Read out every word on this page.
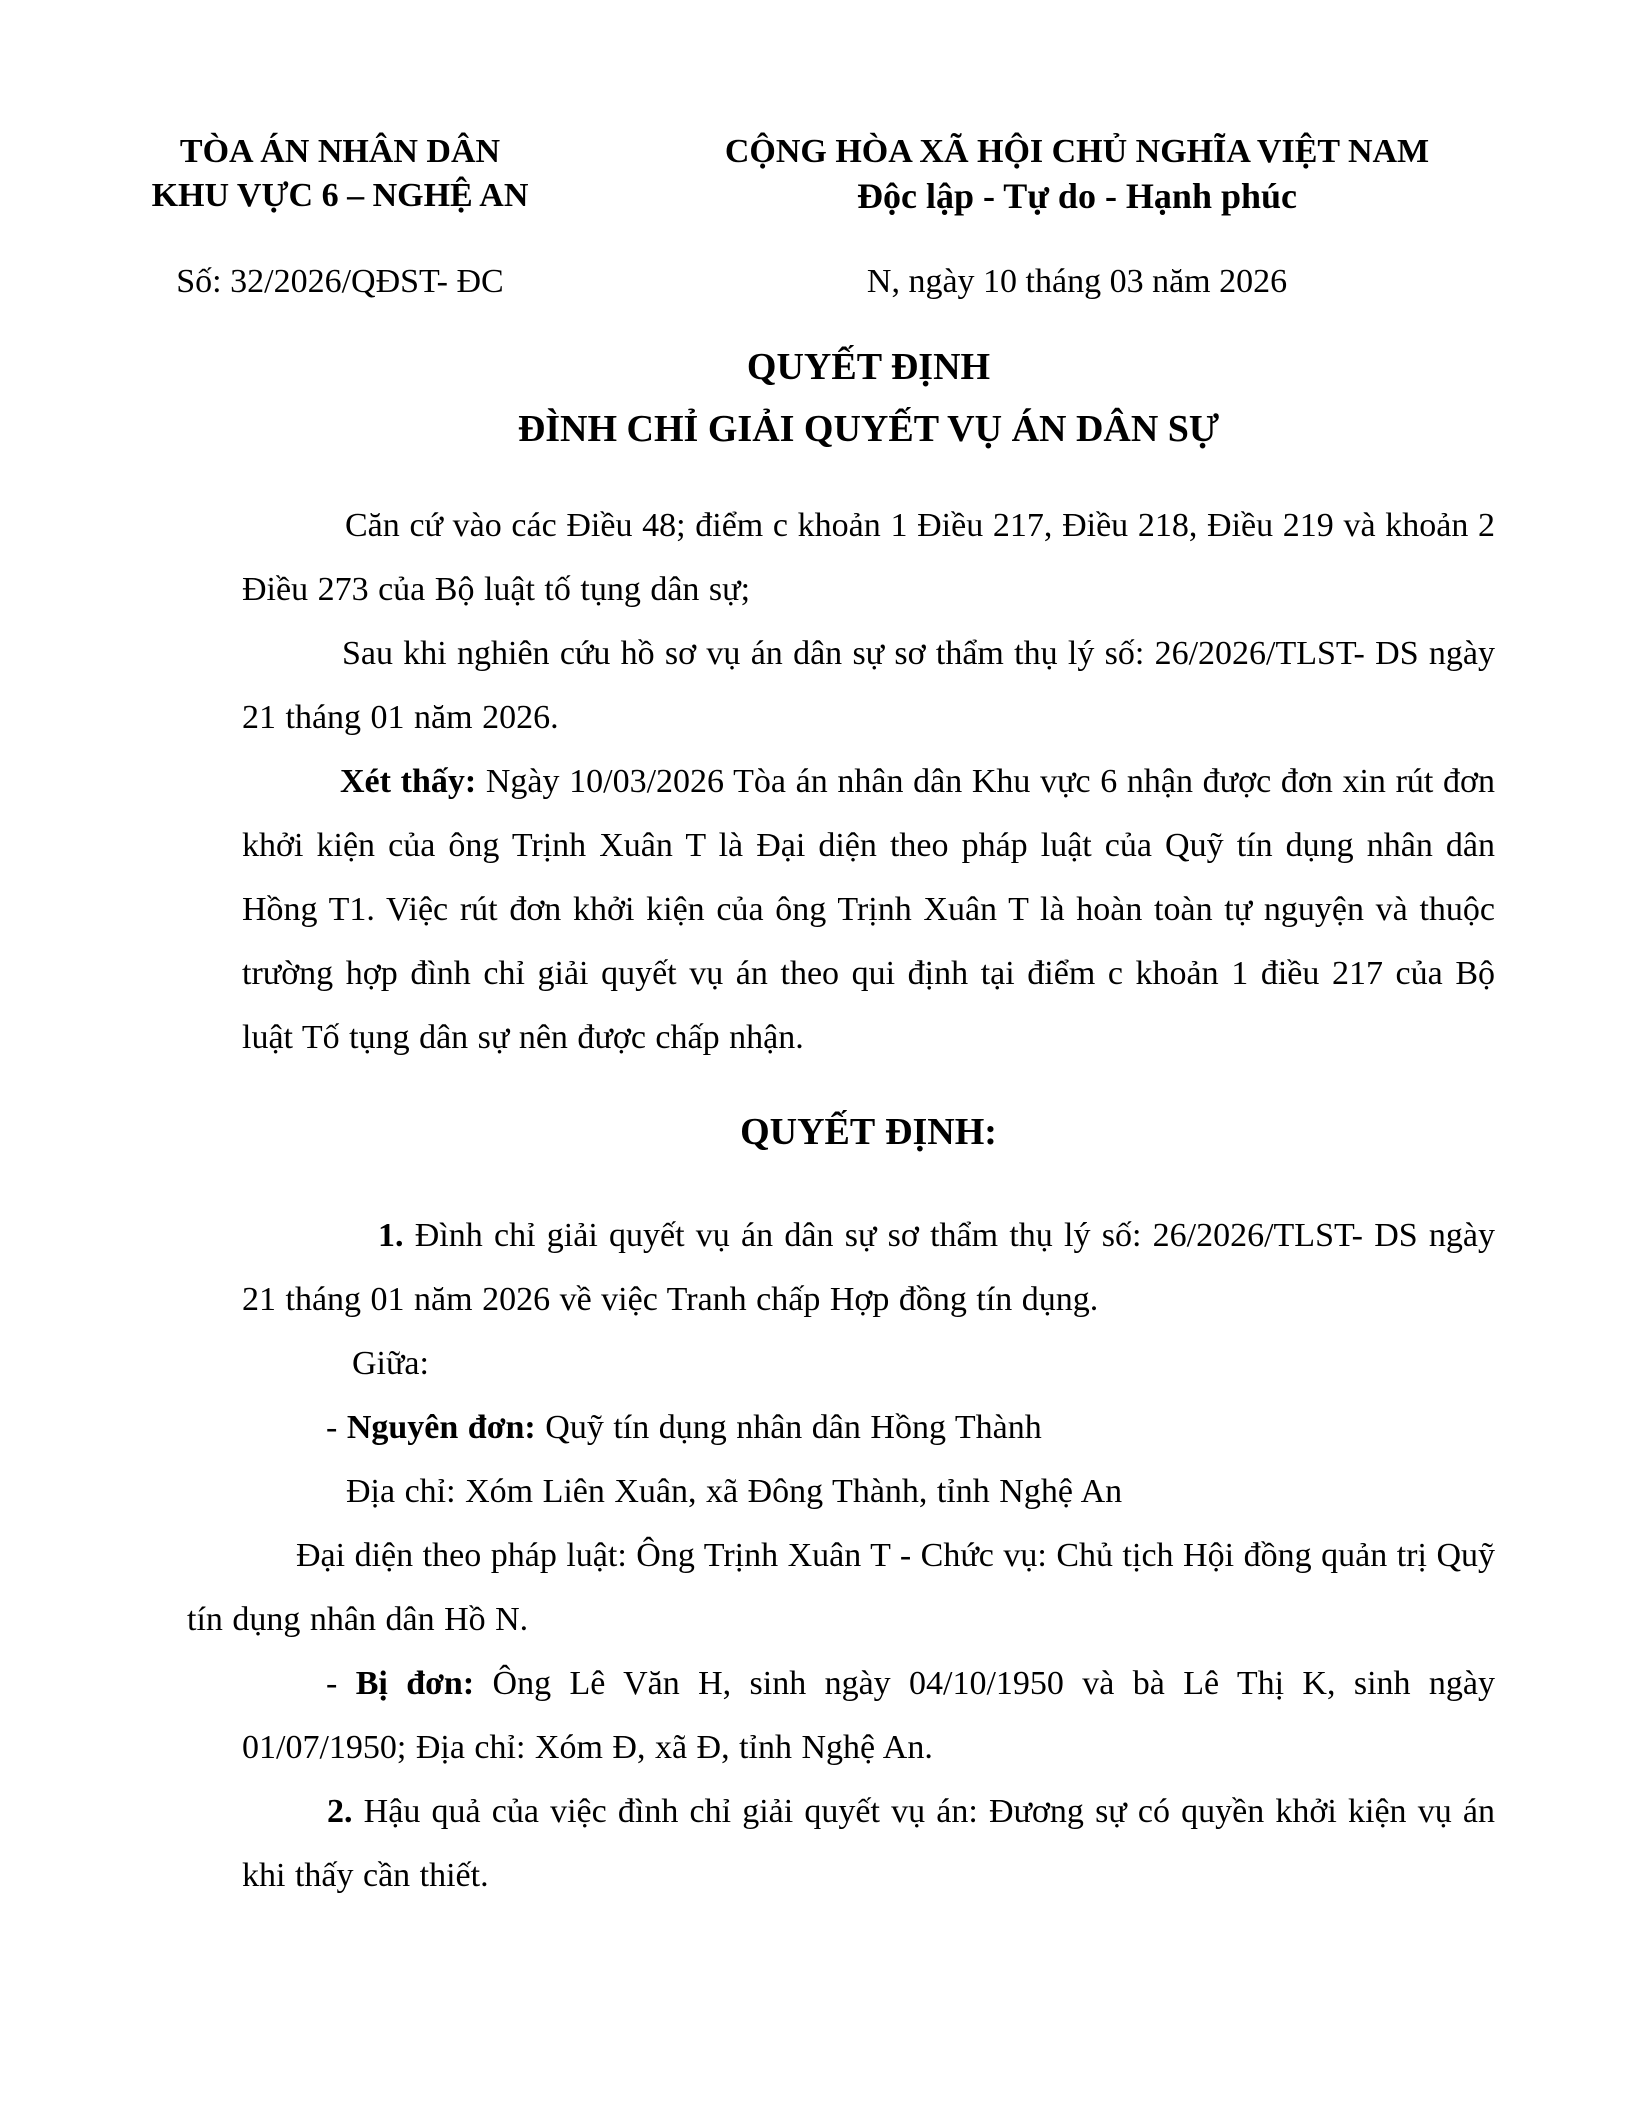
TÒA ÁN NHÂN DÂN
KHU VỰC 6 – NGHỆ AN
Số: 32/2026/QĐST- ĐC
CỘNG HÒA XÃ HỘI CHỦ NGHĨA VIỆT NAM
Độc lập - Tự do - Hạnh phúc
N, ngày 10 tháng 03 năm 2026
QUYẾT ĐỊNH
ĐÌNH CHỈ GIẢI QUYẾT VỤ ÁN DÂN SỰ

Căn cứ vào các Điều 48; điểm c khoản 1 Điều 217, Điều 218, Điều 219 và khoản 2 Điều 273 của Bộ luật tố tụng dân sự;

Sau khi nghiên cứu hồ sơ vụ án dân sự sơ thẩm thụ lý số: 26/2026/TLST- DS ngày 21 tháng 01 năm 2026.

Xét thấy: Ngày 10/03/2026 Tòa án nhân dân Khu vực 6 nhận được đơn xin rút đơn khởi kiện của ông Trịnh Xuân T là Đại diện theo pháp luật của Quỹ tín dụng nhân dân Hồng T1. Việc rút đơn khởi kiện của ông Trịnh Xuân T là hoàn toàn tự nguyện và thuộc trường hợp đình chỉ giải quyết vụ án theo qui định tại điểm c khoản 1 điều 217 của Bộ luật Tố tụng dân sự nên được chấp nhận.

QUYẾT ĐỊNH:

1. Đình chỉ giải quyết vụ án dân sự sơ thẩm thụ lý số: 26/2026/TLST- DS ngày 21 tháng 01 năm 2026 về việc Tranh chấp Hợp đồng tín dụng.

Giữa:

- Nguyên đơn: Quỹ tín dụng nhân dân Hồng Thành

Địa chỉ: Xóm Liên Xuân, xã Đông Thành, tỉnh Nghệ An

Đại diện theo pháp luật: Ông Trịnh Xuân T - Chức vụ: Chủ tịch Hội đồng quản trị Quỹ tín dụng nhân dân Hồ N.

- Bị đơn: Ông Lê Văn H, sinh ngày 04/10/1950 và bà Lê Thị K, sinh ngày 01/07/1950; Địa chỉ: Xóm Đ, xã Đ, tỉnh Nghệ An.

2. Hậu quả của việc đình chỉ giải quyết vụ án: Đương sự có quyền khởi kiện vụ án khi thấy cần thiết.
